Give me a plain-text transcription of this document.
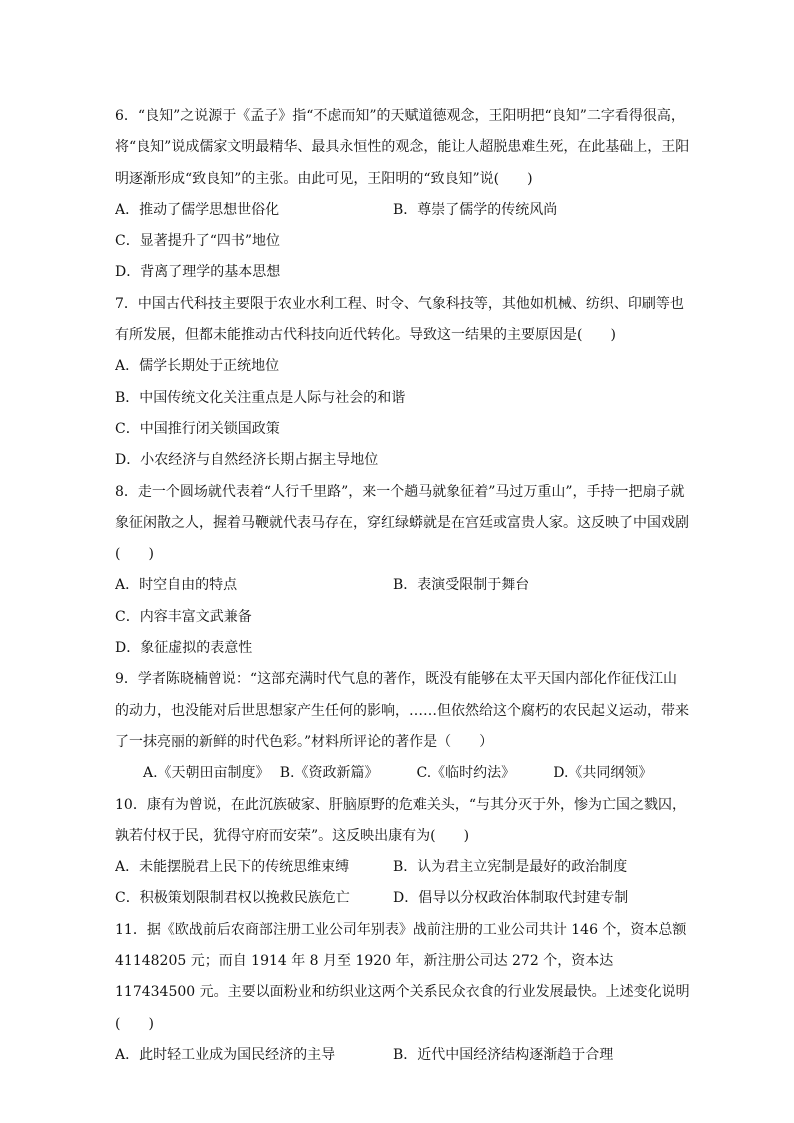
6．“良知”之说源于《孟子》指“不虑而知”的天赋道德观念，王阳明把“良知”二字看得很高，将“良知”说成儒家文明最精华、最具永恒性的观念，能让人超脱患难生死，在此基础上，王阳明逐渐形成“致良知”的主张。由此可见，王阳明的“致良知”说(　　)
A．推动了儒学思想世俗化	B．尊崇了儒学的传统风尚
C．显著提升了“四书”地位
D．背离了理学的基本思想
7．中国古代科技主要限于农业水利工程、时令、气象科技等，其他如机械、纺织、印刷等也有所发展，但都未能推动古代科技向近代转化。导致这一结果的主要原因是(　　)
A．儒学长期处于正统地位
B．中国传统文化关注重点是人际与社会的和谐
C．中国推行闭关锁国政策
D．小农经济与自然经济长期占据主导地位
8．走一个圆场就代表着“人行千里路”，来一个趟马就象征着”马过万重山”，手持一把扇子就象征闲散之人，握着马鞭就代表马存在，穿红绿蟒就是在宫廷或富贵人家。这反映了中国戏剧(　　)
A．时空自由的特点	B．表演受限制于舞台
C．内容丰富文武兼备
D．象征虚拟的表意性
9．学者陈晓楠曾说：“这部充满时代气息的著作，既没有能够在太平天国内部化作征伐江山的动力，也没能对后世思想家产生任何的影响，……但依然给这个腐朽的农民起义运动，带来了一抹亮丽的新鲜的时代色彩。”材料所评论的著作是（　　）
A.《天朝田亩制度》 B.《资政新篇》	C.《临时约法》	D.《共同纲领》
10．康有为曾说，在此沉族破家、肝脑原野的危难关头，“与其分灭于外，惨为亡国之戮囚，孰若付权于民，犹得守府而安荣”。这反映出康有为(　　)
A．未能摆脱君上民下的传统思维束缚	B．认为君主立宪制是最好的政治制度
C．积极策划限制君权以挽救民族危亡	D．倡导以分权政治体制取代封建专制
11．据《欧战前后农商部注册工业公司年别表》战前注册的工业公司共计 146 个，资本总额 41148205 元；而自 1914 年 8 月至 1920 年，新注册公司达 272 个，资本达 117434500 元。主要以面粉业和纺织业这两个关系民众衣食的行业发展最快。上述变化说明(　　)
A．此时轻工业成为国民经济的主导	B．近代中国经济结构逐渐趋于合理
